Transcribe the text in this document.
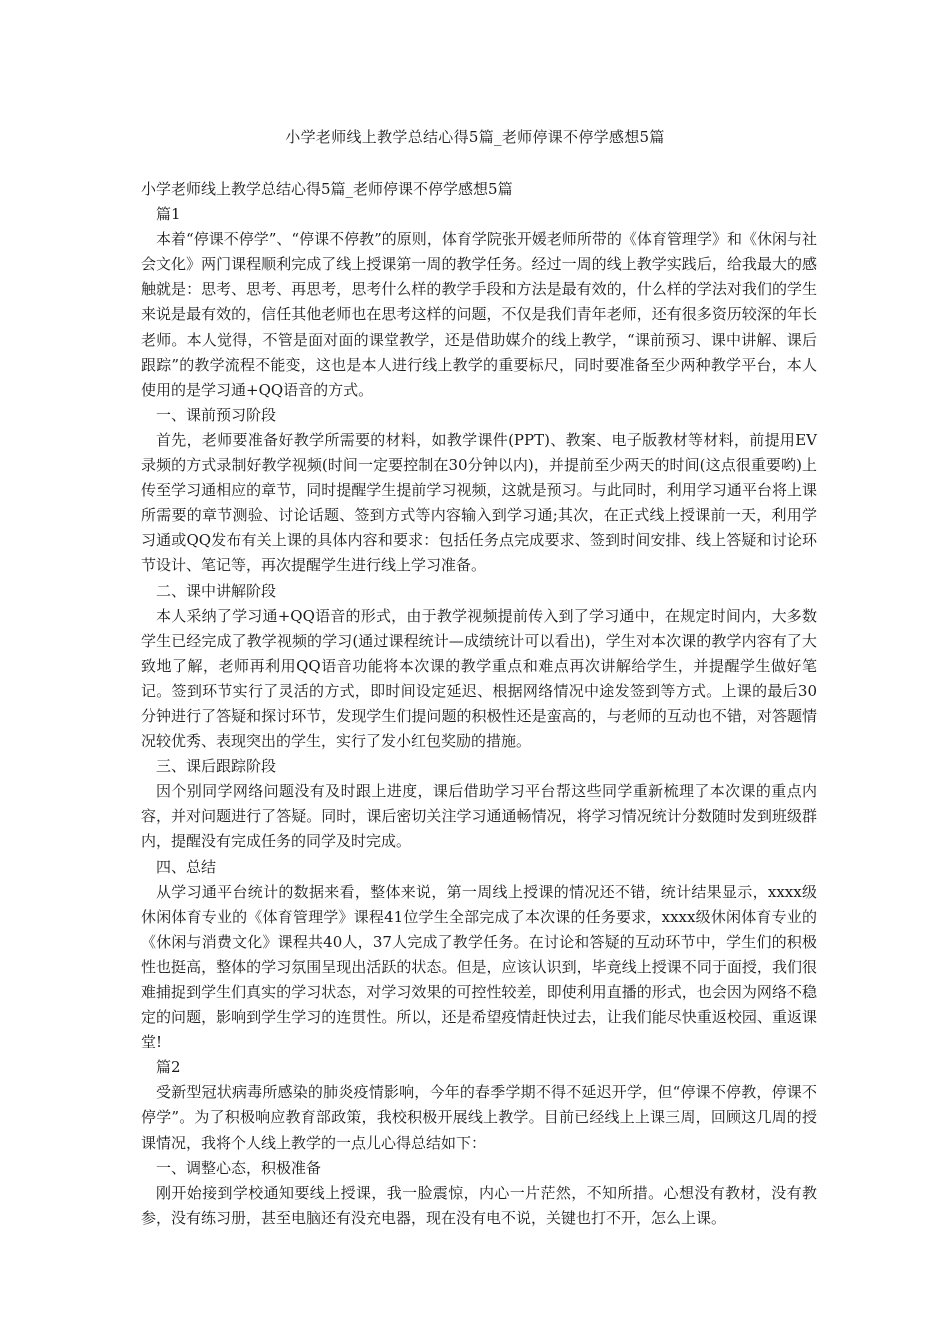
小学老师线上教学总结心得5篇_老师停课不停学感想5篇

小学老师线上教学总结心得5篇_老师停课不停学感想5篇

篇1

本着“停课不停学”、“停课不停教”的原则，体育学院张开媛老师所带的《体育管理学》和《休闲与社会文化》两门课程顺利完成了线上授课第一周的教学任务。经过一周的线上教学实践后，给我最大的感触就是：思考、思考、再思考，思考什么样的教学手段和方法是最有效的，什么样的学法对我们的学生来说是最有效的，信任其他老师也在思考这样的问题，不仅是我们青年老师，还有很多资历较深的年长老师。本人觉得，不管是面对面的课堂教学，还是借助媒介的线上教学，“课前预习、课中讲解、课后跟踪”的教学流程不能变，这也是本人进行线上教学的重要标尺，同时要准备至少两种教学平台，本人使用的是学习通+QQ语音的方式。

一、课前预习阶段

首先，老师要准备好教学所需要的材料，如教学课件(PPT)、教案、电子版教材等材料，前提用EV录频的方式录制好教学视频(时间一定要控制在30分钟以内)，并提前至少两天的时间(这点很重要哟)上传至学习通相应的章节，同时提醒学生提前学习视频，这就是预习。与此同时，利用学习通平台将上课所需要的章节测验、讨论话题、签到方式等内容输入到学习通;其次，在正式线上授课前一天，利用学习通或QQ发布有关上课的具体内容和要求：包括任务点完成要求、签到时间安排、线上答疑和讨论环节设计、笔记等，再次提醒学生进行线上学习准备。

二、课中讲解阶段

本人采纳了学习通+QQ语音的形式，由于教学视频提前传入到了学习通中，在规定时间内，大多数学生已经完成了教学视频的学习(通过课程统计—成绩统计可以看出)，学生对本次课的教学内容有了大致地了解，老师再利用QQ语音功能将本次课的教学重点和难点再次讲解给学生，并提醒学生做好笔记。签到环节实行了灵活的方式，即时间设定延迟、根据网络情况中途发签到等方式。上课的最后30分钟进行了答疑和探讨环节，发现学生们提问题的积极性还是蛮高的，与老师的互动也不错，对答题情况较优秀、表现突出的学生，实行了发小红包奖励的措施。

三、课后跟踪阶段

因个别同学网络问题没有及时跟上进度，课后借助学习平台帮这些同学重新梳理了本次课的重点内容，并对问题进行了答疑。同时，课后密切关注学习通通畅情况，将学习情况统计分数随时发到班级群内，提醒没有完成任务的同学及时完成。

四、总结

从学习通平台统计的数据来看，整体来说，第一周线上授课的情况还不错，统计结果显示，xxxx级休闲体育专业的《体育管理学》课程41位学生全部完成了本次课的任务要求，xxxx级休闲体育专业的《休闲与消费文化》课程共40人，37人完成了教学任务。在讨论和答疑的互动环节中，学生们的积极性也挺高，整体的学习氛围呈现出活跃的状态。但是，应该认识到，毕竟线上授课不同于面授，我们很难捕捉到学生们真实的学习状态，对学习效果的可控性较差，即使利用直播的形式，也会因为网络不稳定的问题，影响到学生学习的连贯性。所以，还是希望疫情赶快过去，让我们能尽快重返校园、重返课堂!

篇2

受新型冠状病毒所感染的肺炎疫情影响，今年的春季学期不得不延迟开学，但“停课不停教，停课不停学”。为了积极响应教育部政策，我校积极开展线上教学。目前已经线上上课三周，回顾这几周的授课情况，我将个人线上教学的一点儿心得总结如下：

一、调整心态，积极准备

刚开始接到学校通知要线上授课，我一脸震惊，内心一片茫然，不知所措。心想没有教材，没有教参，没有练习册，甚至电脑还有没充电器，现在没有电不说，关键也打不开，怎么上课。
